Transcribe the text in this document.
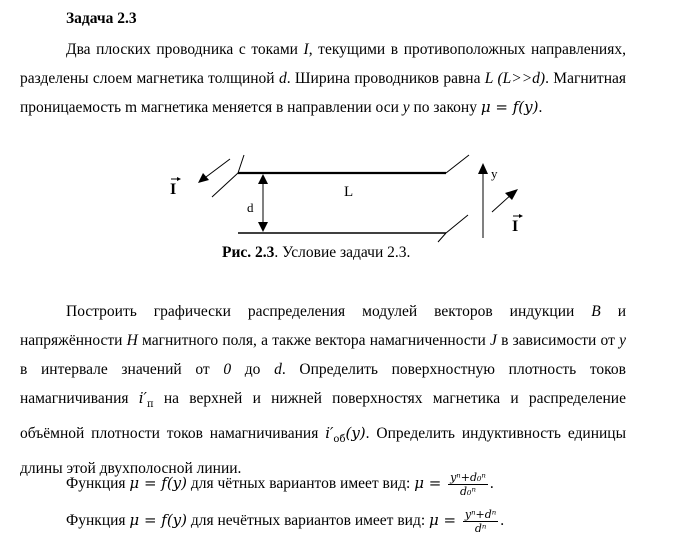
Задача 2.3

Два плоских проводника с токами I, текущими в противоположных направлениях, разделены слоем магнетика толщиной d. Ширина проводников равна L (L>>d). Магнитная проницаемость m магнетика меняется в направлении оси y по закону μ = f(y).

I
I
L
d
y
Рис. 2.3. Условие задачи 2.3.

Построить графически распределения модулей векторов индукции B и напряжённости H магнитного поля, а также вектора намагниченности J в зависимости от y в интервале значений от 0 до d. Определить поверхностную плотность токов намагничивания $i'_п$ на верхней и нижней поверхностях магнетика и распределение объёмной плотности токов намагничивания $i'_{об}(y)$. Определить индуктивность единицы длины этой двухполосной линии.

Функция μ = f(y) для чётных вариантов имеет вид: $\mu = \frac{\text{yⁿ+d₀ⁿ}}{\text{d₀ⁿ}}$ .
Функция μ = f(y) для нечётных вариантов имеет вид: $\mu = \frac{\text{yⁿ+dⁿ}}{\text{dⁿ}}$ .
